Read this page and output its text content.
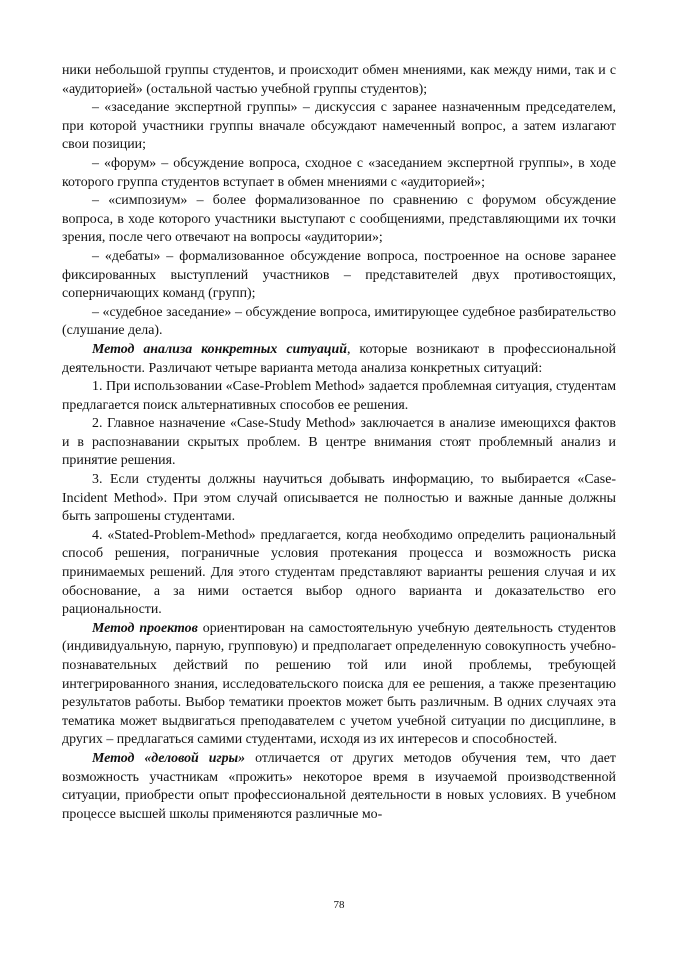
ники небольшой группы студентов, и происходит обмен мнениями, как между ними, так и с «аудиторией» (остальной частью учебной группы студентов);

– «заседание экспертной группы» – дискуссия с заранее назначенным председателем, при которой участники группы вначале обсуждают намеченный вопрос, а затем излагают свои позиции;

– «форум» – обсуждение вопроса, сходное с «заседанием экспертной группы», в ходе которого группа студентов вступает в обмен мнениями с «аудиторией»;

– «симпозиум» – более формализованное по сравнению с форумом обсуждение вопроса, в ходе которого участники выступают с сообщениями, представляющими их точки зрения, после чего отвечают на вопросы «аудитории»;

– «дебаты» – формализованное обсуждение вопроса, построенное на основе заранее фиксированных выступлений участников – представителей двух противостоящих, соперничающих команд (групп);

– «судебное заседание» – обсуждение вопроса, имитирующее судебное разбирательство (слушание дела).

Метод анализа конкретных ситуаций, которые возникают в профессиональной деятельности. Различают четыре варианта метода анализа конкретных ситуаций:

1. При использовании «Case-Problem Method» задается проблемная ситуация, студентам предлагается поиск альтернативных способов ее решения.

2. Главное назначение «Case-Study Method» заключается в анализе имеющихся фактов и в распознавании скрытых проблем. В центре внимания стоят проблемный анализ и принятие решения.

3. Если студенты должны научиться добывать информацию, то выбирается «Case-Incident Method». При этом случай описывается не полностью и важные данные должны быть запрошены студентами.

4. «Stated-Problem-Method» предлагается, когда необходимо определить рациональный способ решения, пограничные условия протекания процесса и возможность риска принимаемых решений. Для этого студентам представляют варианты решения случая и их обоснование, а за ними остается выбор одного варианта и доказательство его рациональности.

Метод проектов ориентирован на самостоятельную учебную деятельность студентов (индивидуальную, парную, групповую) и предполагает определенную совокупность учебно-познавательных действий по решению той или иной проблемы, требующей интегрированного знания, исследовательского поиска для ее решения, а также презентацию результатов работы. Выбор тематики проектов может быть различным. В одних случаях эта тематика может выдвигаться преподавателем с учетом учебной ситуации по дисциплине, в других – предлагаться самими студентами, исходя из их интересов и способностей.

Метод «деловой игры» отличается от других методов обучения тем, что дает возможность участникам «прожить» некоторое время в изучаемой производственной ситуации, приобрести опыт профессиональной деятельности в новых условиях. В учебном процессе высшей школы применяются различные мо-

78
